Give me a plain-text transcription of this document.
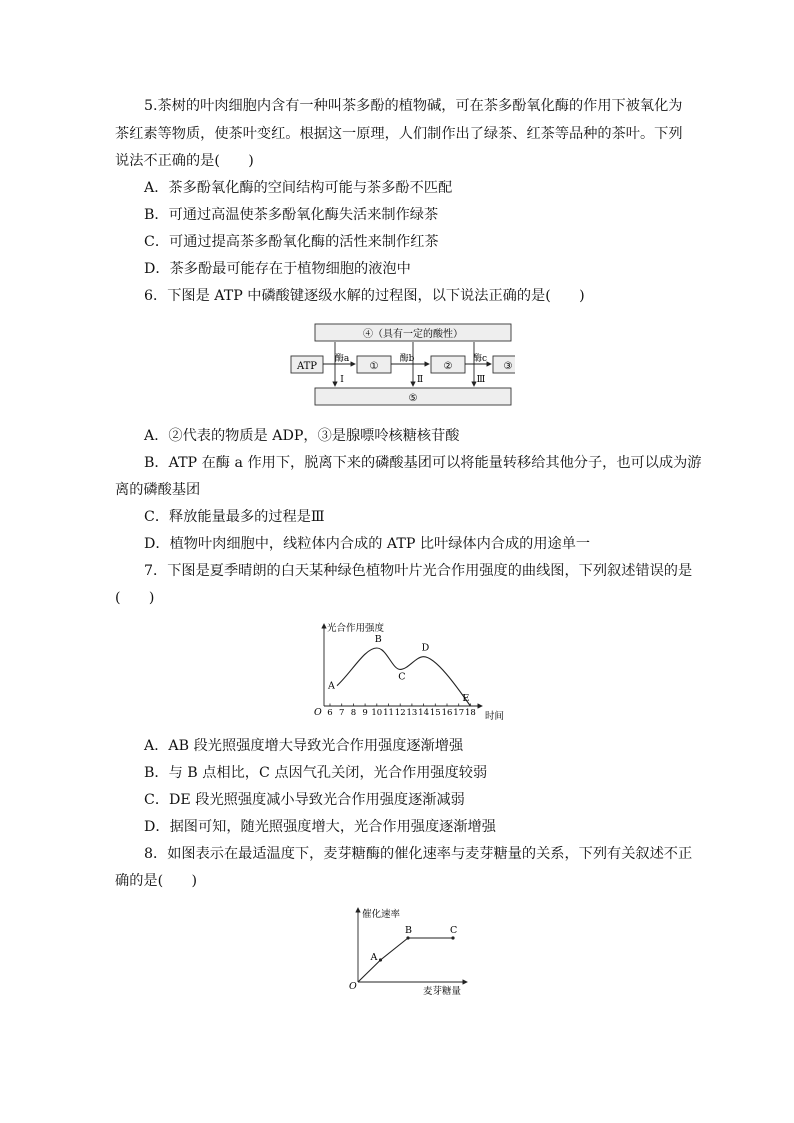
5.茶树的叶肉细胞内含有一种叫茶多酚的植物碱，可在茶多酚氧化酶的作用下被氧化为
茶红素等物质，使茶叶变红。根据这一原理，人们制作出了绿茶、红茶等品种的茶叶。下列
说法不正确的是(　　)
A．茶多酚氧化酶的空间结构可能与茶多酚不匹配
B．可通过高温使茶多酚氧化酶失活来制作绿茶
C．可通过提高茶多酚氧化酶的活性来制作红茶
D．茶多酚最可能存在于植物细胞的液泡中
6．下图是 ATP 中磷酸键逐级水解的过程图，以下说法正确的是(　　)
④（具有一定的酸性）
⑤
ATP	①	②	③
酶a	酶b	酶c
Ⅰ	Ⅱ	Ⅲ
A．②代表的物质是 ADP，③是腺嘌呤核糖核苷酸
B．ATP 在酶 a 作用下，脱离下来的磷酸基团可以将能量转移给其他分子，也可以成为游
离的磷酸基团
C．释放能量最多的过程是Ⅲ
D．植物叶肉细胞中，线粒体内合成的 ATP 比叶绿体内合成的用途单一
7．下图是夏季晴朗的白天某种绿色植物叶片光合作用强度的曲线图，下列叙述错误的是
(　　)
光合作用强度
时间
O 6 7 8 9 10 11 12 13 14 15 16 17 18
A
B
C
D
E
A．AB 段光照强度增大导致光合作用强度逐渐增强
B．与 B 点相比，C 点因气孔关闭，光合作用强度较弱
C．DE 段光照强度减小导致光合作用强度逐渐减弱
D．据图可知，随光照强度增大，光合作用强度逐渐增强
8．如图表示在最适温度下，麦芽糖酶的催化速率与麦芽糖量的关系，下列有关叙述不正
确的是(　　)
催化速率
麦芽糖量
O
A
B	C
